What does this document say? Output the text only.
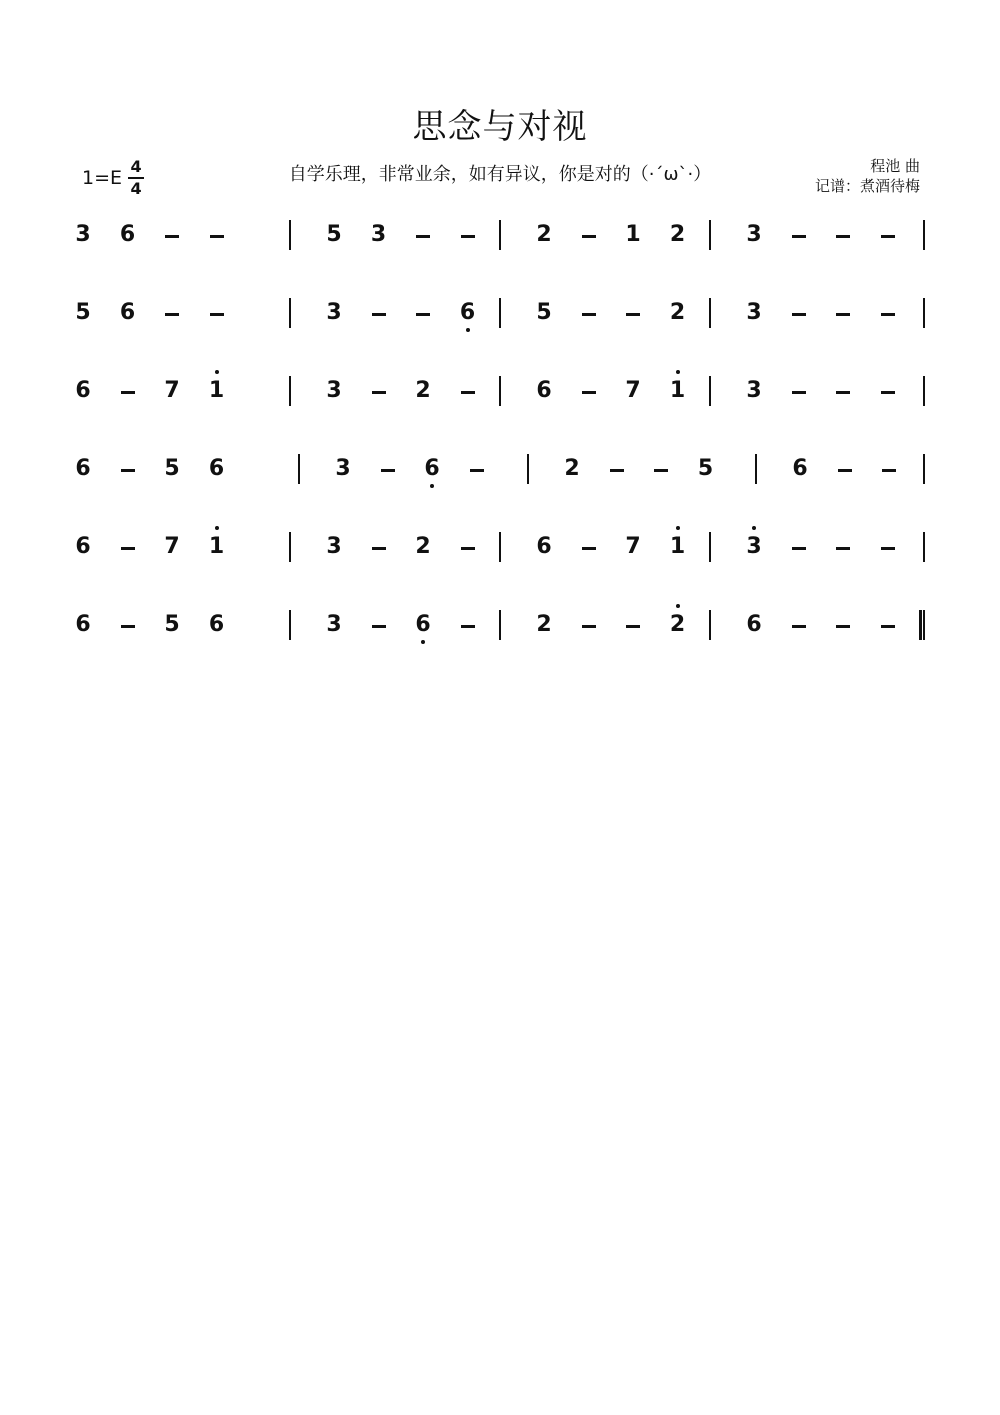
思念与对视
1=E
4
4
自学乐理，非常业余，如有异议，你是对的（·´ω`·）	程池 曲
记谱：煮酒待梅
3	6	5	3	2	1	2	3
5	6	3	6	5	2	3
6	7	1	3	2	6	7	1	3
6	5	6	3	6	2	5	6
6	7	1	3	2	6	7	1	3
6	5	6	3	6	2	2	6
